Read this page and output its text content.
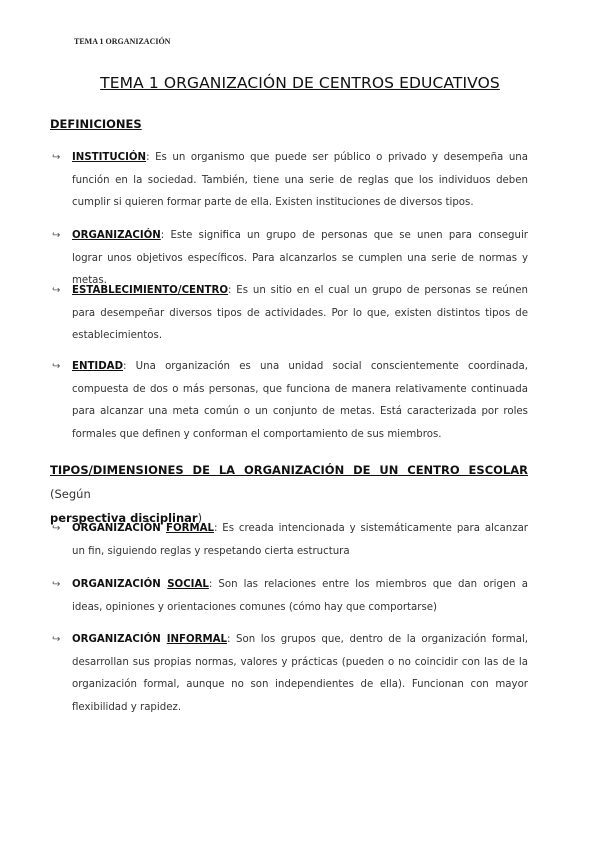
TEMA 1 ORGANIZACIÓN
TEMA 1 ORGANIZACIÓN DE CENTROS EDUCATIVOS
DEFINICIONES
↪ INSTITUCIÓN: Es un organismo que puede ser público o privado y desempeña una función en la sociedad. También, tiene una serie de reglas que los individuos deben cumplir si quieren formar parte de ella. Existen instituciones de diversos tipos.
↪ ORGANIZACIÓN: Este significa un grupo de personas que se unen para conseguir lograr unos objetivos específicos. Para alcanzarlos se cumplen una serie de normas y metas.
↪ ESTABLECIMIENTO/CENTRO: Es un sitio en el cual un grupo de personas se reúnen para desempeñar diversos tipos de actividades. Por lo que, existen distintos tipos de establecimientos.
↪ ENTIDAD: Una organización es una unidad social conscientemente coordinada, compuesta de dos o más personas, que funciona de manera relativamente continuada para alcanzar una meta común o un conjunto de metas. Está caracterizada por roles formales que definen y conforman el comportamiento de sus miembros.
TIPOS/DIMENSIONES DE LA ORGANIZACIÓN DE UN CENTRO ESCOLAR (Según
perspectiva disciplinar)
↪ ORGANIZACIÓN FORMAL: Es creada intencionada y sistemáticamente para alcanzar un fin, siguiendo reglas y respetando cierta estructura
↪ ORGANIZACIÓN SOCIAL: Son las relaciones entre los miembros que dan origen a ideas, opiniones y orientaciones comunes (cómo hay que comportarse)
↪ ORGANIZACIÓN INFORMAL: Son los grupos que, dentro de la organización formal, desarrollan sus propias normas, valores y prácticas (pueden o no coincidir con las de la organización formal, aunque no son independientes de ella). Funcionan con mayor flexibilidad y rapidez.
